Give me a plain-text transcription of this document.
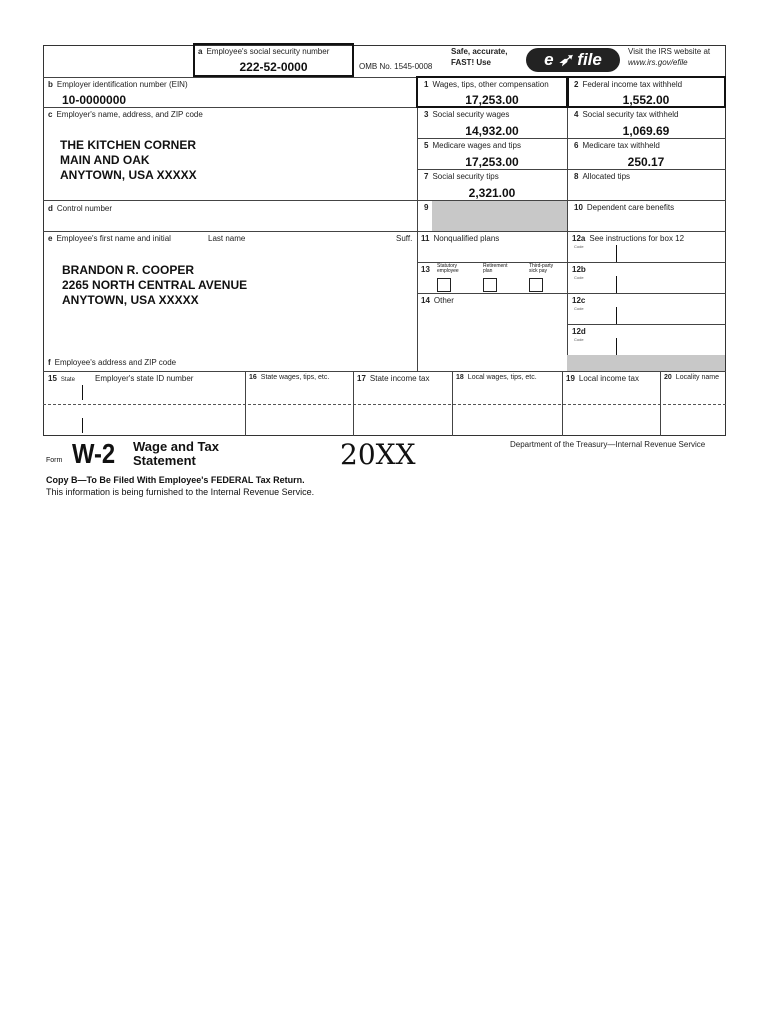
a Employee's social security number
222-52-0000	OMB No. 1545-0008
Safe, accurate,
FAST! Use	e ➶ file	Visit the IRS website at
www.irs.gov/efile
b Employer identification number (EIN)
10-0000000
c Employer's name, address, and ZIP code
THE KITCHEN CORNER
MAIN AND OAK
ANYTOWN, USA XXXXX
d Control number
e Employee's first name and initial	Last name	Suff.
BRANDON R. COOPER
2265 NORTH CENTRAL AVENUE
ANYTOWN, USA XXXXX
f Employee's address and ZIP code
1 Wages, tips, other compensation
17,253.00
2 Federal income tax withheld
1,552.00
3 Social security wages
14,932.00
4 Social security tax withheld
1,069.69
5 Medicare wages and tips
17,253.00
6 Medicare tax withheld
250.17
7 Social security tips
2,321.00
8 Allocated tips
9	10 Dependent care benefits
11 Nonqualified plans
13	Statutory employee
Retirement plan
Third-party sick pay
14 Other
12a See instructions for box 12
12b
12c
12d
Code
Code
Code
Code
15 State	Employer's state ID number	16 State wages, tips, etc.	17 State income tax	18 Local wages, tips, etc.	19 Local income tax	20 Locality name
Form W-2 Wage and Tax
Statement	20XX	Department of the Treasury—Internal Revenue Service
Copy B—To Be Filed With Employee's FEDERAL Tax Return.
This information is being furnished to the Internal Revenue Service.
